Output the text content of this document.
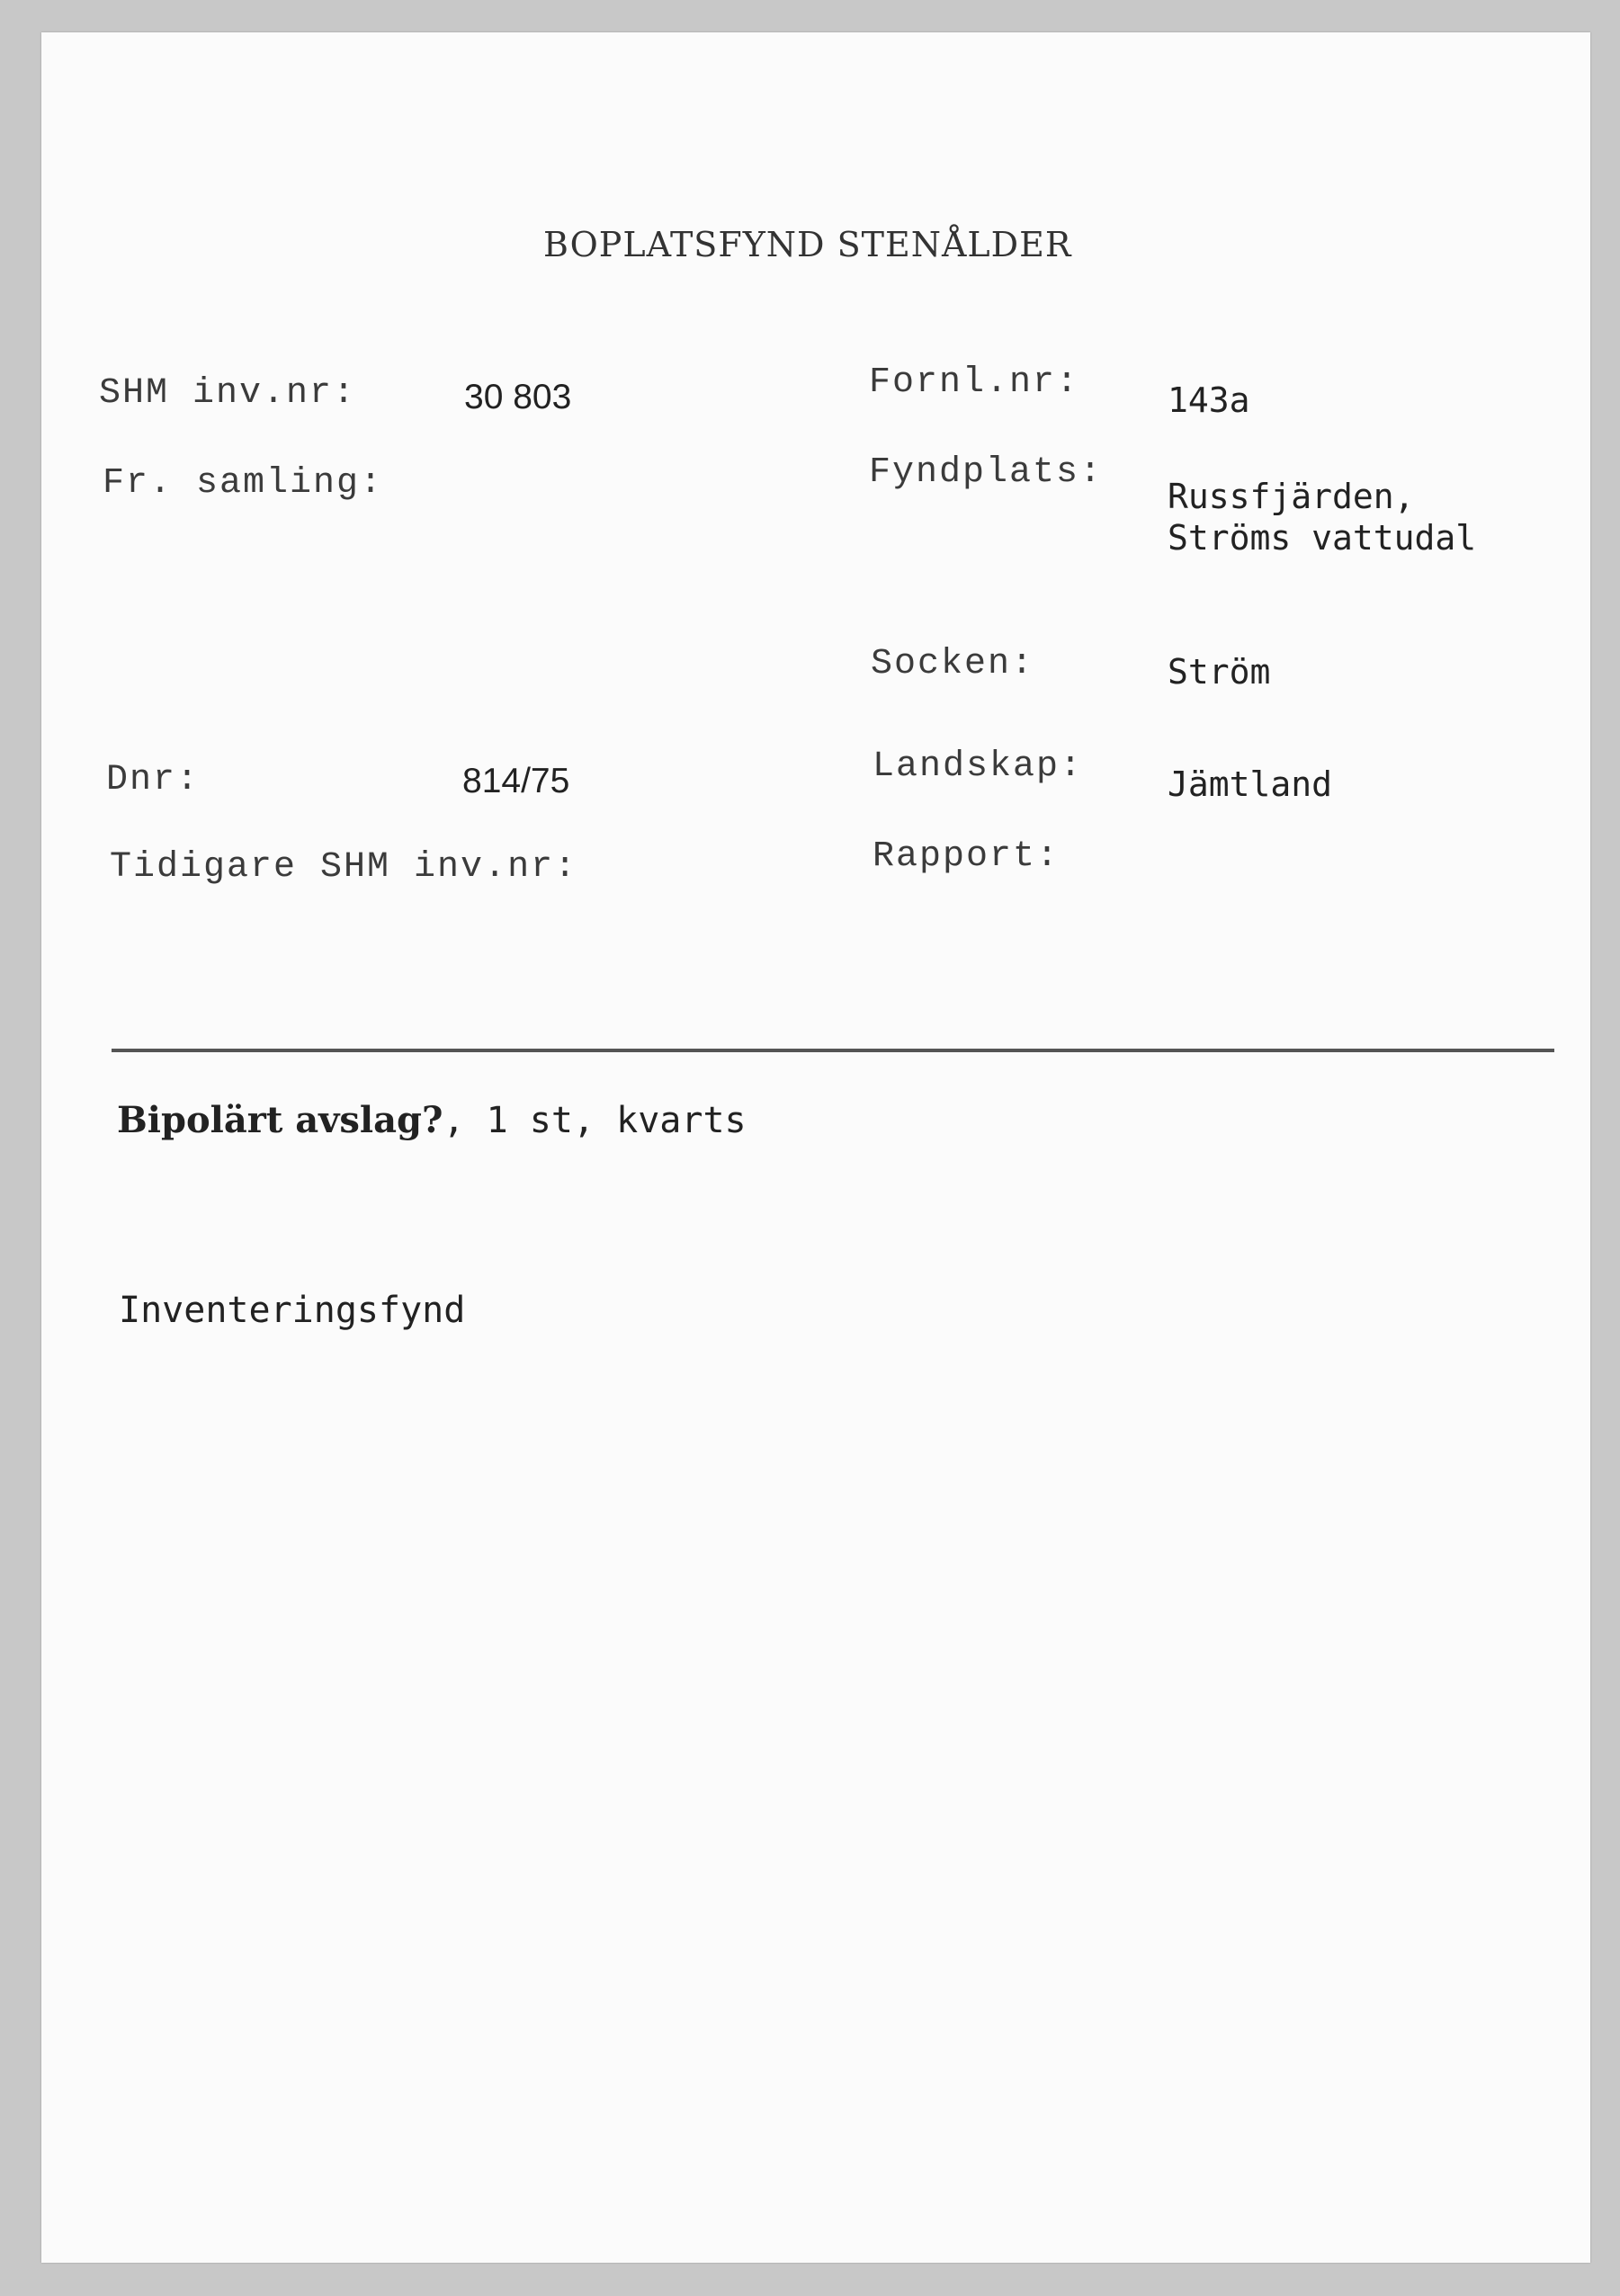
BOPLATSFYND STENÅLDER
SHM inv.nr:	30 803
Fr. samling:
Dnr:	814/75
Tidigare SHM inv.nr:
Fornl.nr:	143a
Fyndplats:
Russfjärden,
Ströms vattudal
Socken:	Ström
Landskap: Jämtland
Rapport:
Bipolärt avslag?, 1 st, kvarts
Inventeringsfynd
